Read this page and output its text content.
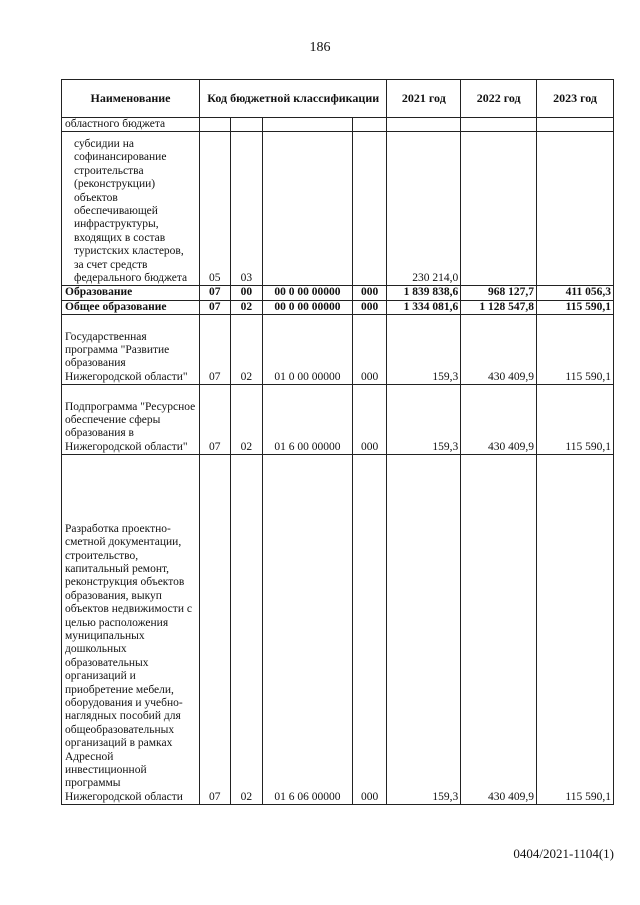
186
Наименование	Код бюджетной классификации				2021 год	2022 год	2023 год
областного бюджета							
субсидии на софинансирование строительства (реконструкции) объектов обеспечивающей инфраструктуры, входящих в состав туристских кластеров, за счет средств федерального бюджета	05	03			230 214,0		
Образование	07	00	00 0 00 00000	000	1 839 838,6	968 127,7	411 056,3
Общее образование	07	02	00 0 00 00000	000	1 334 081,6	1 128 547,8	115 590,1
Государственная программа "Развитие образования Нижегородской области"	07	02	01 0 00 00000	000	159,3	430 409,9	115 590,1
Подпрограмма "Ресурсное обеспечение сферы образования в Нижегородской области"	07	02	01 6 00 00000	000	159,3	430 409,9	115 590,1
Разработка проектно-сметной документации, строительство, капитальный ремонт, реконструкция объектов образования, выкуп объектов недвижимости с целью расположения муниципальных дошкольных образовательных организаций и приобретение мебели, оборудования и учебно-наглядных пособий для общеобразовательных организаций в рамках Адресной инвестиционной программы Нижегородской области	07	02	01 6 06 00000	000	159,3	430 409,9	115 590,1
0404/2021-1104(1)
